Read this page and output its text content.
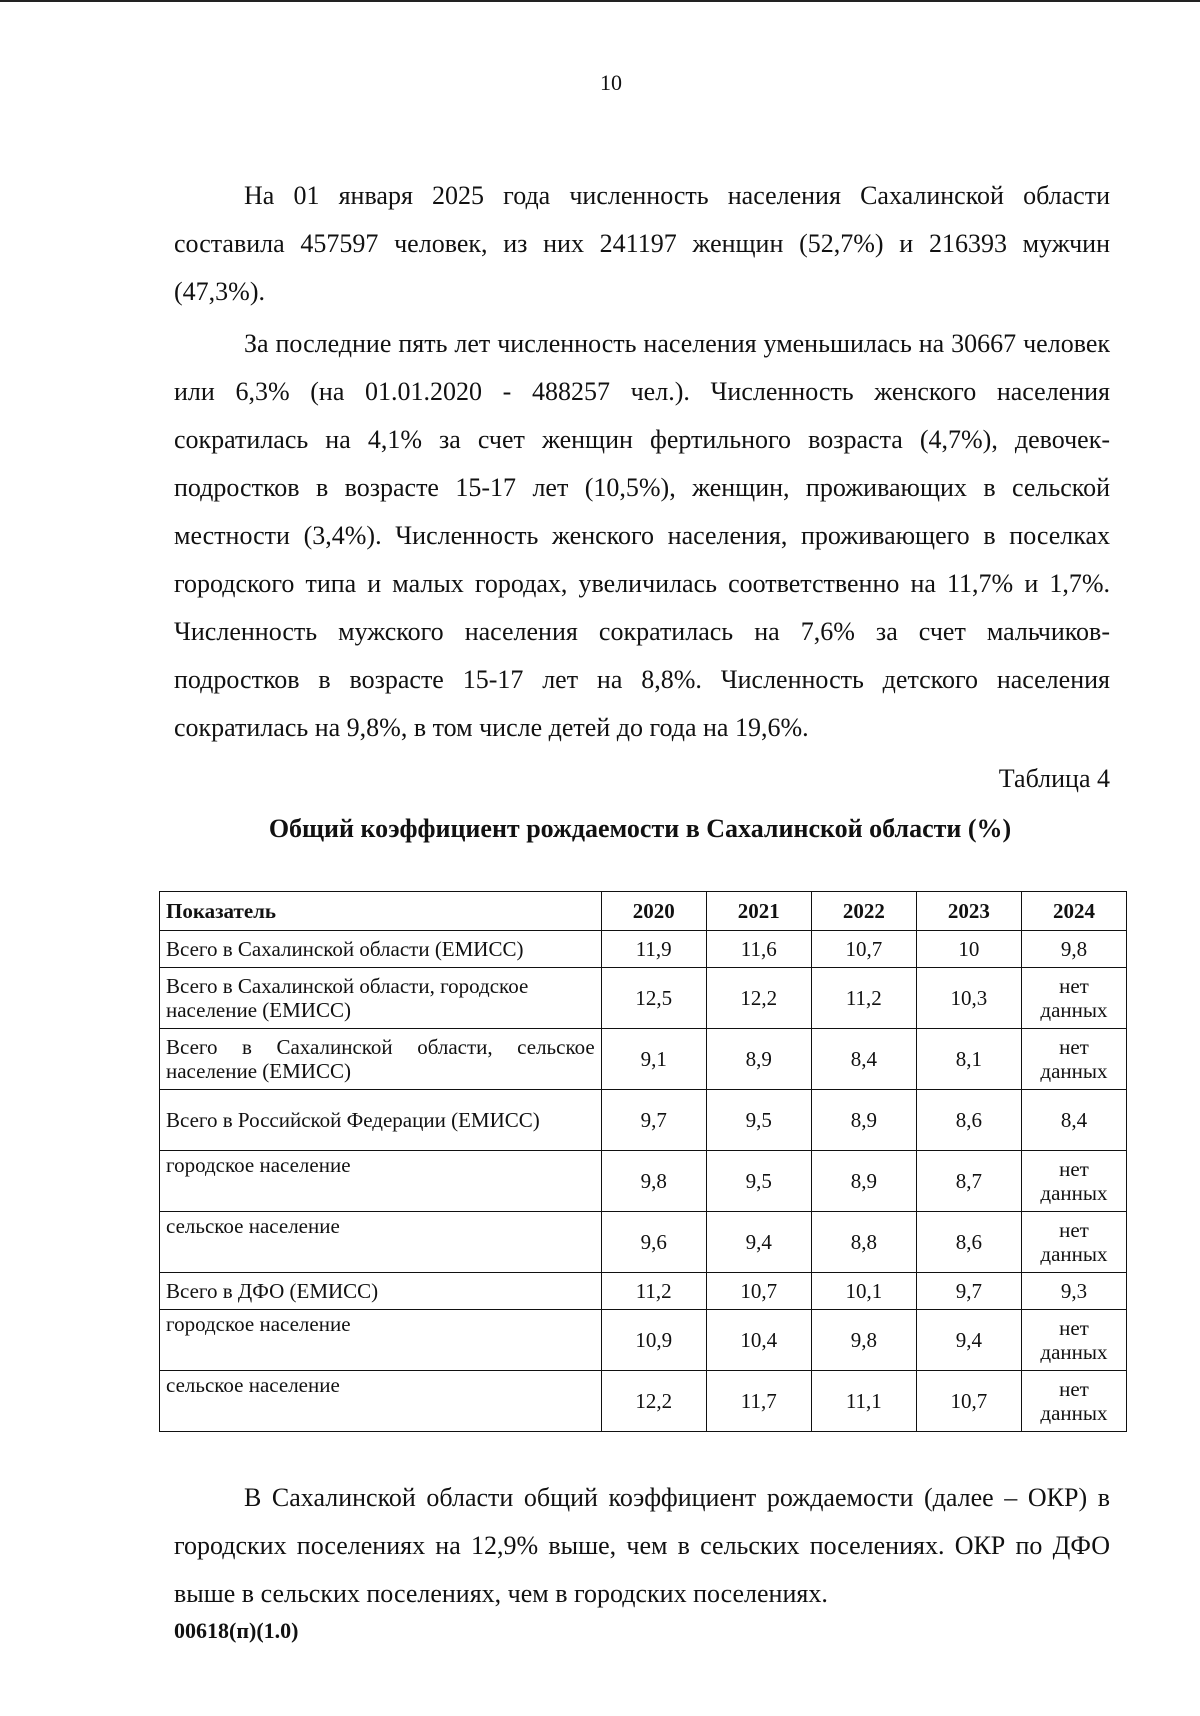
10

На 01 января 2025 года численность населения Сахалинской области составила 457597 человек, из них 241197 женщин (52,7%) и 216393 мужчин (47,3%).

За последние пять лет численность населения уменьшилась на 30667 человек или 6,3% (на 01.01.2020 - 488257 чел.). Численность женского населения сократилась на 4,1% за счет женщин фертильного возраста (4,7%), девочек-подростков в возрасте 15-17 лет (10,5%), женщин, проживающих в сельской местности (3,4%). Численность женского населения, проживающего в поселках городского типа и малых городах, увеличилась соответственно на 11,7% и 1,7%. Численность мужского населения сократилась на 7,6% за счет мальчиков-подростков в возрасте 15-17 лет на 8,8%. Численность детского населения сократилась на 9,8%, в том числе детей до года на 19,6%.

Таблица 4
Общий коэффициент рождаемости в Сахалинской области (%)
Показатель	2020	2021	2022	2023	2024
Всего в Сахалинской области (ЕМИСС)	11,9	11,6	10,7	10	9,8
Всего в Сахалинской области, городское население (ЕМИСС)	12,5	12,2	11,2	10,3	нет данных
Всего в Сахалинской области, сельское население (ЕМИСС)	9,1	8,9	8,4	8,1	нет данных
Всего в Российской Федерации (ЕМИСС)	9,7	9,5	8,9	8,6	8,4
городское население	9,8	9,5	8,9	8,7	нет данных
сельское население	9,6	9,4	8,8	8,6	нет данных
Всего в ДФО (ЕМИСС)	11,2	10,7	10,1	9,7	9,3
городское население	10,9	10,4	9,8	9,4	нет данных
сельское население	12,2	11,7	11,1	10,7	нет данных

В Сахалинской области общий коэффициент рождаемости (далее – ОКР) в городских поселениях на 12,9% выше, чем в сельских поселениях. ОКР по ДФО выше в сельских поселениях, чем в городских поселениях.

00618(п)(1.0)
